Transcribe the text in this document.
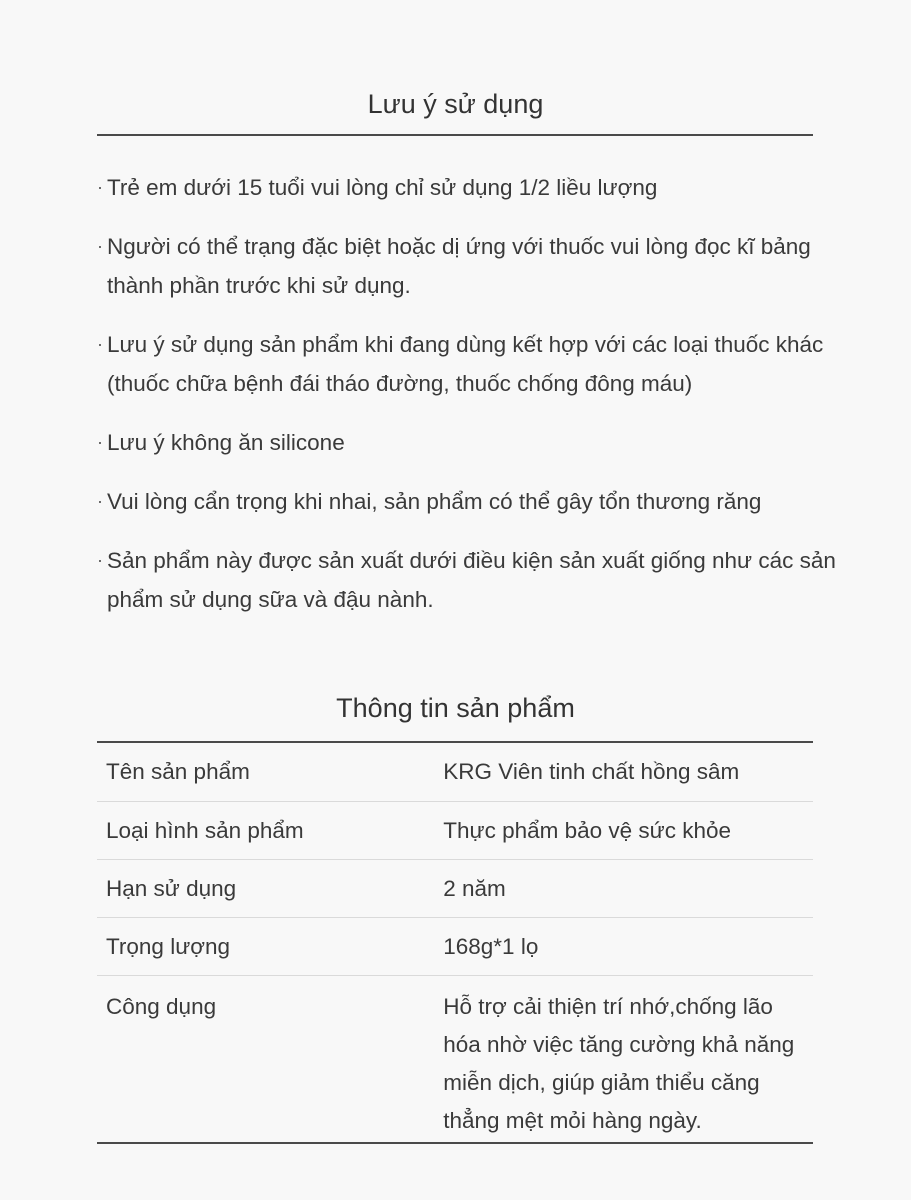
Lưu ý sử dụng
· Trẻ em dưới 15 tuổi vui lòng chỉ sử dụng 1/2 liều lượng
· Người có thể trạng đặc biệt hoặc dị ứng với thuốc vui lòng đọc kĩ bảng thành phần trước khi sử dụng.
· Lưu ý sử dụng sản phẩm khi đang dùng kết hợp với các loại thuốc khác (thuốc chữa bệnh đái tháo đường, thuốc chống đông máu)
· Lưu ý không ăn silicone
· Vui lòng cẩn trọng khi nhai, sản phẩm có thể gây tổn thương răng
· Sản phẩm này được sản xuất dưới điều kiện sản xuất giống như các sản phẩm sử dụng sữa và đậu nành.
Thông tin sản phẩm
Tên sản phẩm	KRG Viên tinh chất hồng sâm
Loại hình sản phẩm	Thực phẩm bảo vệ sức khỏe
Hạn sử dụng	2 năm
Trọng lượng	168g*1 lọ
Công dụng	Hỗ trợ cải thiện trí nhớ,chống lão hóa nhờ việc tăng cường khả năng miễn dịch, giúp giảm thiểu căng thẳng mệt mỏi hàng ngày.
